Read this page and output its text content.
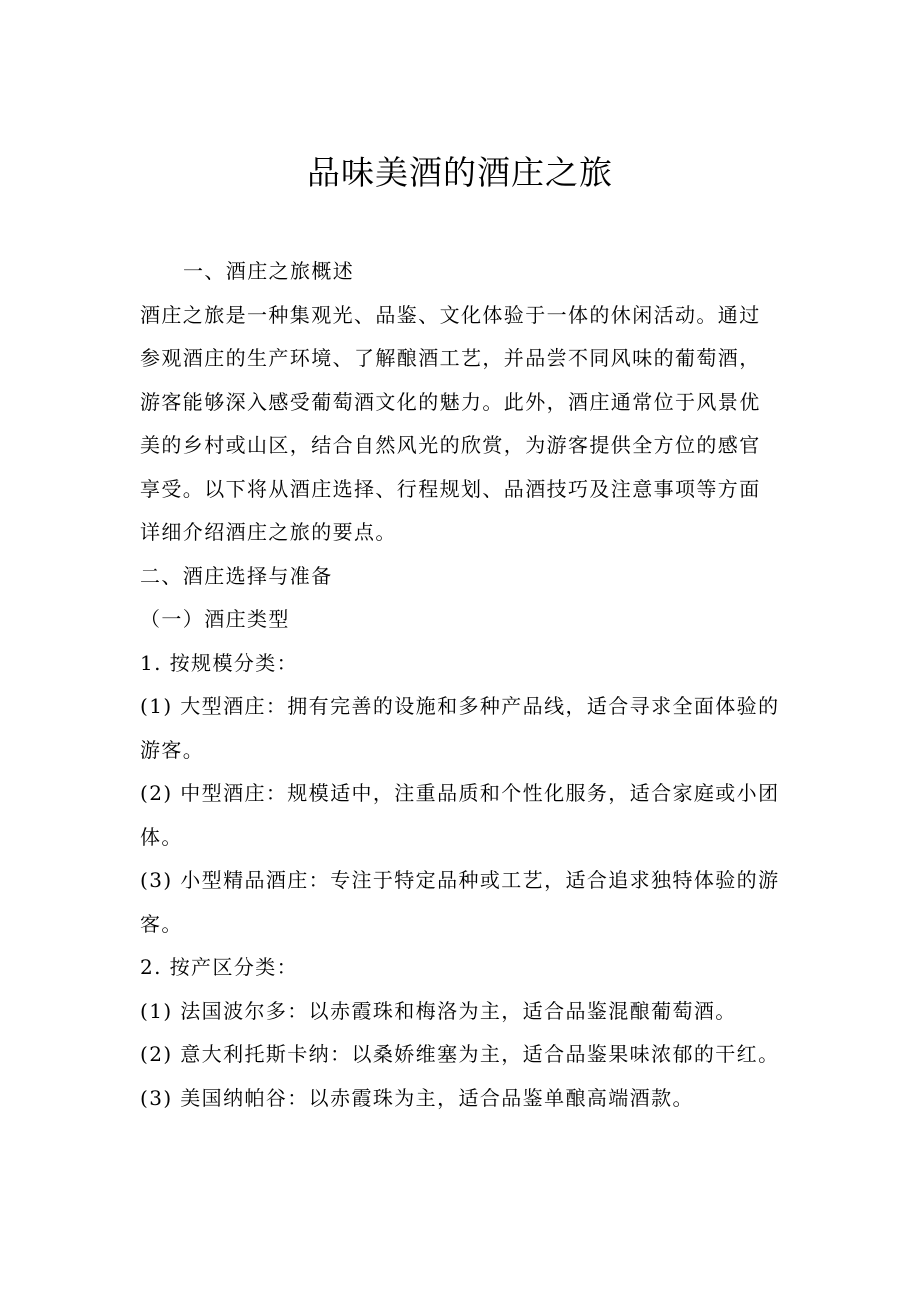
品味美酒的酒庄之旅

一、酒庄之旅概述

酒庄之旅是一种集观光、品鉴、文化体验于一体的休闲活动。通过参观酒庄的生产环境、了解酿酒工艺，并品尝不同风味的葡萄酒，游客能够深入感受葡萄酒文化的魅力。此外，酒庄通常位于风景优美的乡村或山区，结合自然风光的欣赏，为游客提供全方位的感官享受。以下将从酒庄选择、行程规划、品酒技巧及注意事项等方面详细介绍酒庄之旅的要点。

二、酒庄选择与准备

（一）酒庄类型

1. 按规模分类：

(1) 大型酒庄：拥有完善的设施和多种产品线，适合寻求全面体验的游客。

(2) 中型酒庄：规模适中，注重品质和个性化服务，适合家庭或小团体。

(3) 小型精品酒庄：专注于特定品种或工艺，适合追求独特体验的游客。

2. 按产区分类：

(1) 法国波尔多：以赤霞珠和梅洛为主，适合品鉴混酿葡萄酒。

(2) 意大利托斯卡纳：以桑娇维塞为主，适合品鉴果味浓郁的干红。

(3) 美国纳帕谷：以赤霞珠为主，适合品鉴单酿高端酒款。
